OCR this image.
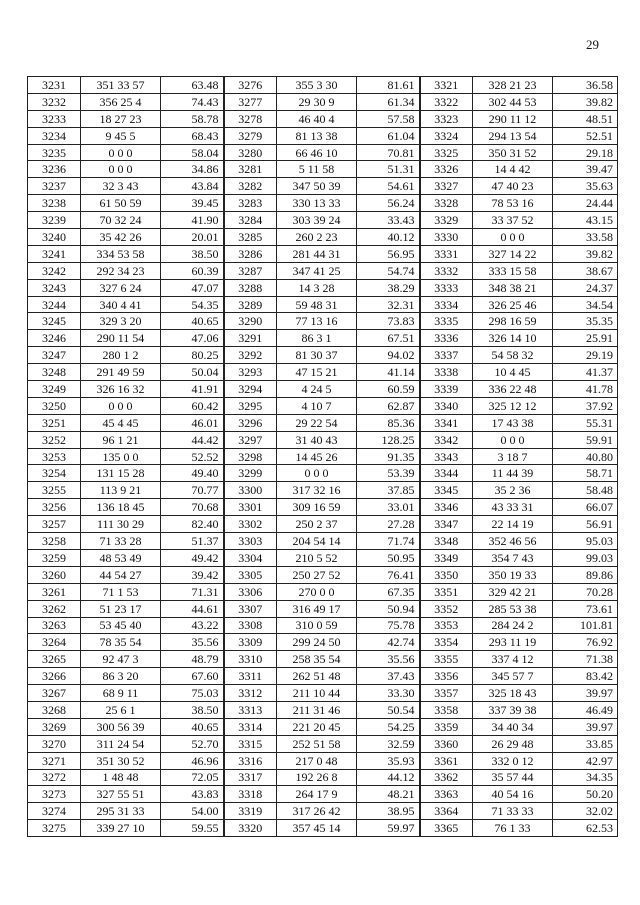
29
3231	351 33 57	63.48	3276	355 3 30	81.61	3321	328 21 23	36.58
3232	356 25 4	74.43	3277	29 30 9	61.34	3322	302 44 53	39.82
3233	18 27 23	58.78	3278	46 40 4	57.58	3323	290 11 12	48.51
3234	9 45 5	68.43	3279	81 13 38	61.04	3324	294 13 54	52.51
3235	0 0 0	58.04	3280	66 46 10	70.81	3325	350 31 52	29.18
3236	0 0 0	34.86	3281	5 11 58	51.31	3326	14 4 42	39.47
3237	32 3 43	43.84	3282	347 50 39	54.61	3327	47 40 23	35.63
3238	61 50 59	39.45	3283	330 13 33	56.24	3328	78 53 16	24.44
3239	70 32 24	41.90	3284	303 39 24	33.43	3329	33 37 52	43.15
3240	35 42 26	20.01	3285	260 2 23	40.12	3330	0 0 0	33.58
3241	334 53 58	38.50	3286	281 44 31	56.95	3331	327 14 22	39.82
3242	292 34 23	60.39	3287	347 41 25	54.74	3332	333 15 58	38.67
3243	327 6 24	47.07	3288	14 3 28	38.29	3333	348 38 21	24.37
3244	340 4 41	54.35	3289	59 48 31	32.31	3334	326 25 46	34.54
3245	329 3 20	40.65	3290	77 13 16	73.83	3335	298 16 59	35.35
3246	290 11 54	47.06	3291	86 3 1	67.51	3336	326 14 10	25.91
3247	280 1 2	80.25	3292	81 30 37	94.02	3337	54 58 32	29.19
3248	291 49 59	50.04	3293	47 15 21	41.14	3338	10 4 45	41.37
3249	326 16 32	41.91	3294	4 24 5	60.59	3339	336 22 48	41.78
3250	0 0 0	60.42	3295	4 10 7	62.87	3340	325 12 12	37.92
3251	45 4 45	46.01	3296	29 22 54	85.36	3341	17 43 38	55.31
3252	96 1 21	44.42	3297	31 40 43	128.25	3342	0 0 0	59.91
3253	135 0 0	52.52	3298	14 45 26	91.35	3343	3 18 7	40.80
3254	131 15 28	49.40	3299	0 0 0	53.39	3344	11 44 39	58.71
3255	113 9 21	70.77	3300	317 32 16	37.85	3345	35 2 36	58.48
3256	136 18 45	70.68	3301	309 16 59	33.01	3346	43 33 31	66.07
3257	111 30 29	82.40	3302	250 2 37	27.28	3347	22 14 19	56.91
3258	71 33 28	51.37	3303	204 54 14	71.74	3348	352 46 56	95.03
3259	48 53 49	49.42	3304	210 5 52	50.95	3349	354 7 43	99.03
3260	44 54 27	39.42	3305	250 27 52	76.41	3350	350 19 33	89.86
3261	71 1 53	71.31	3306	270 0 0	67.35	3351	329 42 21	70.28
3262	51 23 17	44.61	3307	316 49 17	50.94	3352	285 53 38	73.61
3263	53 45 40	43.22	3308	310 0 59	75.78	3353	284 24 2	101.81
3264	78 35 54	35.56	3309	299 24 50	42.74	3354	293 11 19	76.92
3265	92 47 3	48.79	3310	258 35 54	35.56	3355	337 4 12	71.38
3266	86 3 20	67.60	3311	262 51 48	37.43	3356	345 57 7	83.42
3267	68 9 11	75.03	3312	211 10 44	33.30	3357	325 18 43	39.97
3268	25 6 1	38.50	3313	211 31 46	50.54	3358	337 39 38	46.49
3269	300 56 39	40.65	3314	221 20 45	54.25	3359	34 40 34	39.97
3270	311 24 54	52.70	3315	252 51 58	32.59	3360	26 29 48	33.85
3271	351 30 52	46.96	3316	217 0 48	35.93	3361	332 0 12	42.97
3272	1 48 48	72.05	3317	192 26 8	44.12	3362	35 57 44	34.35
3273	327 55 51	43.83	3318	264 17 9	48.21	3363	40 54 16	50.20
3274	295 31 33	54.00	3319	317 26 42	38.95	3364	71 33 33	32.02
3275	339 27 10	59.55	3320	357 45 14	59.97	3365	76 1 33	62.53
